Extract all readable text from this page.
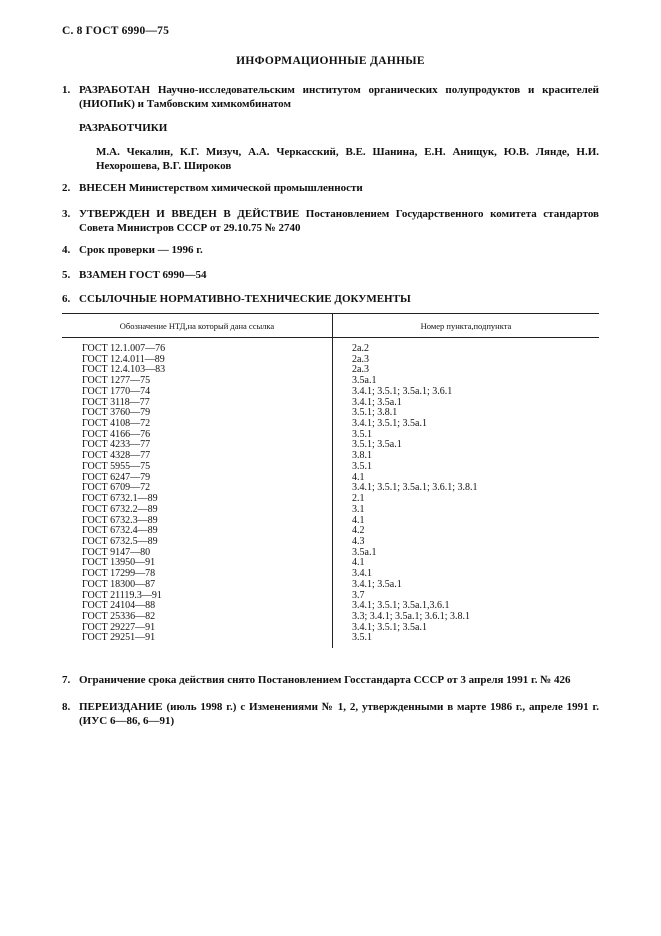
С. 8 ГОСТ 6990—75
ИНФОРМАЦИОННЫЕ ДАННЫЕ
1. РАЗРАБОТАН Научно-исследовательским институтом органических полупродуктов и красителей (НИОПиК) и Тамбовским химкомбинатом
РАЗРАБОТЧИКИ
М.А. Чекалин, К.Г. Мизуч, А.А. Черкасский, В.Е. Шанина, Е.Н. Анищук, Ю.В. Лянде, Н.И. Нехорошева, В.Г. Широков
2. ВНЕСЕН Министерством химической промышленности
3. УТВЕРЖДЕН И ВВЕДЕН В ДЕЙСТВИЕ Постановлением Государственного комитета стандартов Совета Министров СССР от 29.10.75 № 2740
4. Срок проверки — 1996 г.
5. ВЗАМЕН ГОСТ 6990—54
6. ССЫЛОЧНЫЕ НОРМАТИВНО-ТЕХНИЧЕСКИЕ ДОКУМЕНТЫ
Обозначение НТД,на который дана ссылка	Номер пункта,подпункта

ГОСТ 12.1.007—76	2а.2
ГОСТ 12.4.011—89	2а.3
ГОСТ 12.4.103—83	2а.3
ГОСТ 1277—75	3.5а.1
ГОСТ 1770—74	3.4.1; 3.5.1; 3.5а.1; 3.6.1
ГОСТ 3118—77	3.4.1; 3.5а.1
ГОСТ 3760—79	3.5.1; 3.8.1
ГОСТ 4108—72	3.4.1; 3.5.1; 3.5а.1
ГОСТ 4166—76	3.5.1
ГОСТ 4233—77	3.5.1; 3.5а.1
ГОСТ 4328—77	3.8.1
ГОСТ 5955—75	3.5.1
ГОСТ 6247—79	4.1
ГОСТ 6709—72	3.4.1; 3.5.1; 3.5а.1; 3.6.1; 3.8.1
ГОСТ 6732.1—89	2.1
ГОСТ 6732.2—89	3.1
ГОСТ 6732.3—89	4.1
ГОСТ 6732.4—89	4.2
ГОСТ 6732.5—89	4.3
ГОСТ 9147—80	3.5а.1
ГОСТ 13950—91	4.1
ГОСТ 17299—78	3.4.1
ГОСТ 18300—87	3.4.1; 3.5а.1
ГОСТ 21119.3—91	3.7
ГОСТ 24104—88	3.4.1; 3.5.1; 3.5а.1,3.6.1
ГОСТ 25336—82	3.3; 3.4.1; 3.5а.1; 3.6.1; 3.8.1
ГОСТ 29227—91	3.4.1; 3.5.1; 3.5а.1
ГОСТ 29251—91	3.5.1

7. Ограничение срока действия снято Постановлением Госстандарта СССР от 3 апреля 1991 г. № 426
8. ПЕРЕИЗДАНИЕ (июль 1998 г.) с Изменениями № 1, 2, утвержденными в марте 1986 г., апреле 1991 г. (ИУС 6—86, 6—91)
